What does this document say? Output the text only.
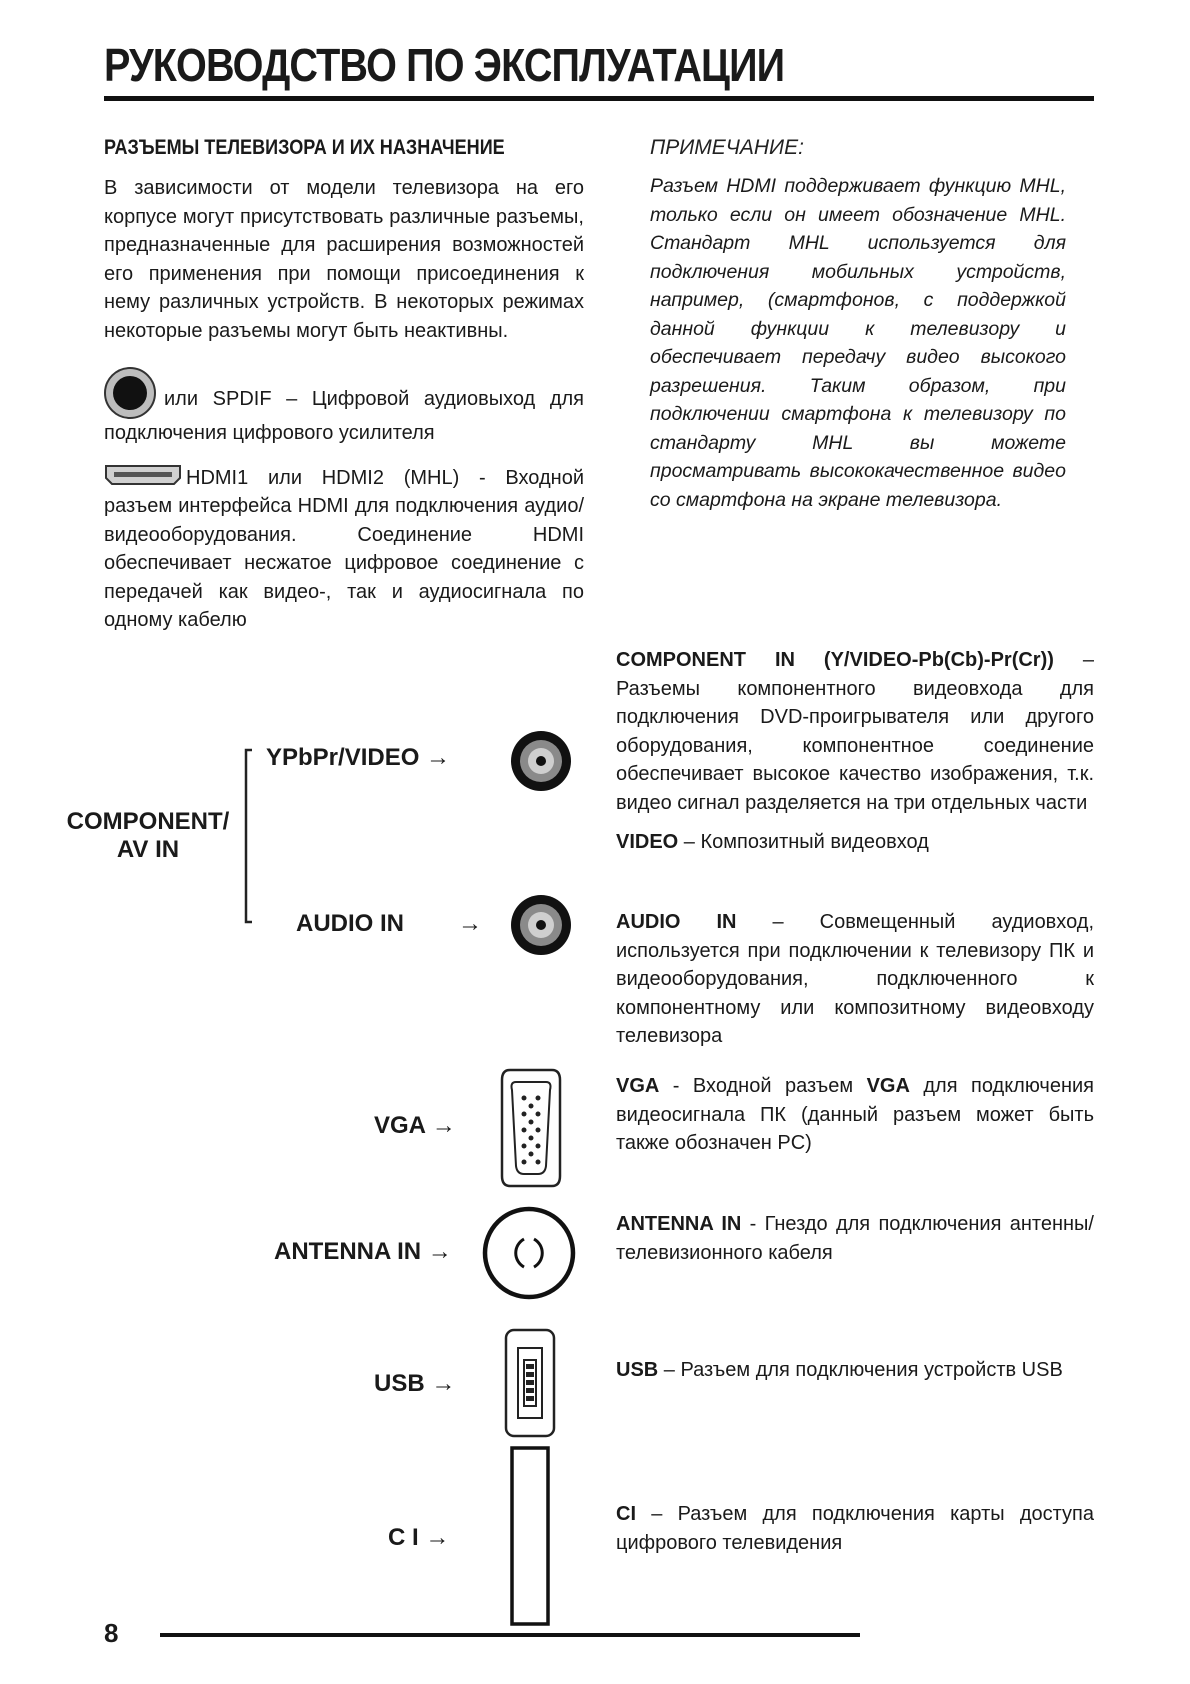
РУКОВОДСТВО ПО ЭКСПЛУАТАЦИИ
РАЗЪЕМЫ ТЕЛЕВИЗОРА И ИХ НАЗНАЧЕНИЕ
В зависимости от модели телевизора на его корпусе могут присутствовать различные разъемы, предназначенные для расширения возможностей его применения при помощи присоединения к нему различных устройств. В некоторых режимах некоторые разъемы могут быть неактивны.
или SPDIF – Цифровой аудиовыход для подключения цифрового усилителя
HDMI1 или HDMI2 (MHL) - Входной разъем интерфейса HDMI для подключения аудио/видеооборудования. Соединение HDMI обеспечивает несжатое цифровое соединение с передачей как видео-, так и аудиосигнала по одному кабелю
ПРИМЕЧАНИЕ:
Разъем HDMI поддерживает функцию MHL, только если он имеет обозначение MHL. Стандарт MHL используется для подключения мобильных устройств, например, (смартфонов, с поддержкой данной функции к телевизору и обеспечивает передачу видео высокого разрешения. Таким образом, при подключении смартфона к телевизору по стандарту MHL вы можете просматривать высококачественное видео со смартфона на экране телевизора.
COMPONENT/
AV IN
YPbPr/VIDEO →
AUDIO IN →
VGA →
ANTENNA IN →
USB →
C I →
COMPONENT IN (Y/VIDEO-Pb(Cb)-Pr(Cr)) – Разъемы компонентного видеовхода для подключения DVD-проигрывателя или другого оборудования, компонентное соединение обеспечивает высокое качество изображения, т.к. видео сигнал разделяется на три отдельных части
VIDEO – Композитный видеовход
AUDIO IN – Совмещенный аудиовход, используется при подключении к телевизору ПК и видеооборудования, подключенного к компонентному или композитному видеовходу телевизора
VGA - Входной разъем VGA для подключения видеосигнала ПК (данный разъем может быть также обозначен PC)
ANTENNA IN - Гнездо для подключения антенны/телевизионного кабеля
USB – Разъем для подключения устройств USB
CI – Разъем для подключения карты доступа цифрового телевидения
8
